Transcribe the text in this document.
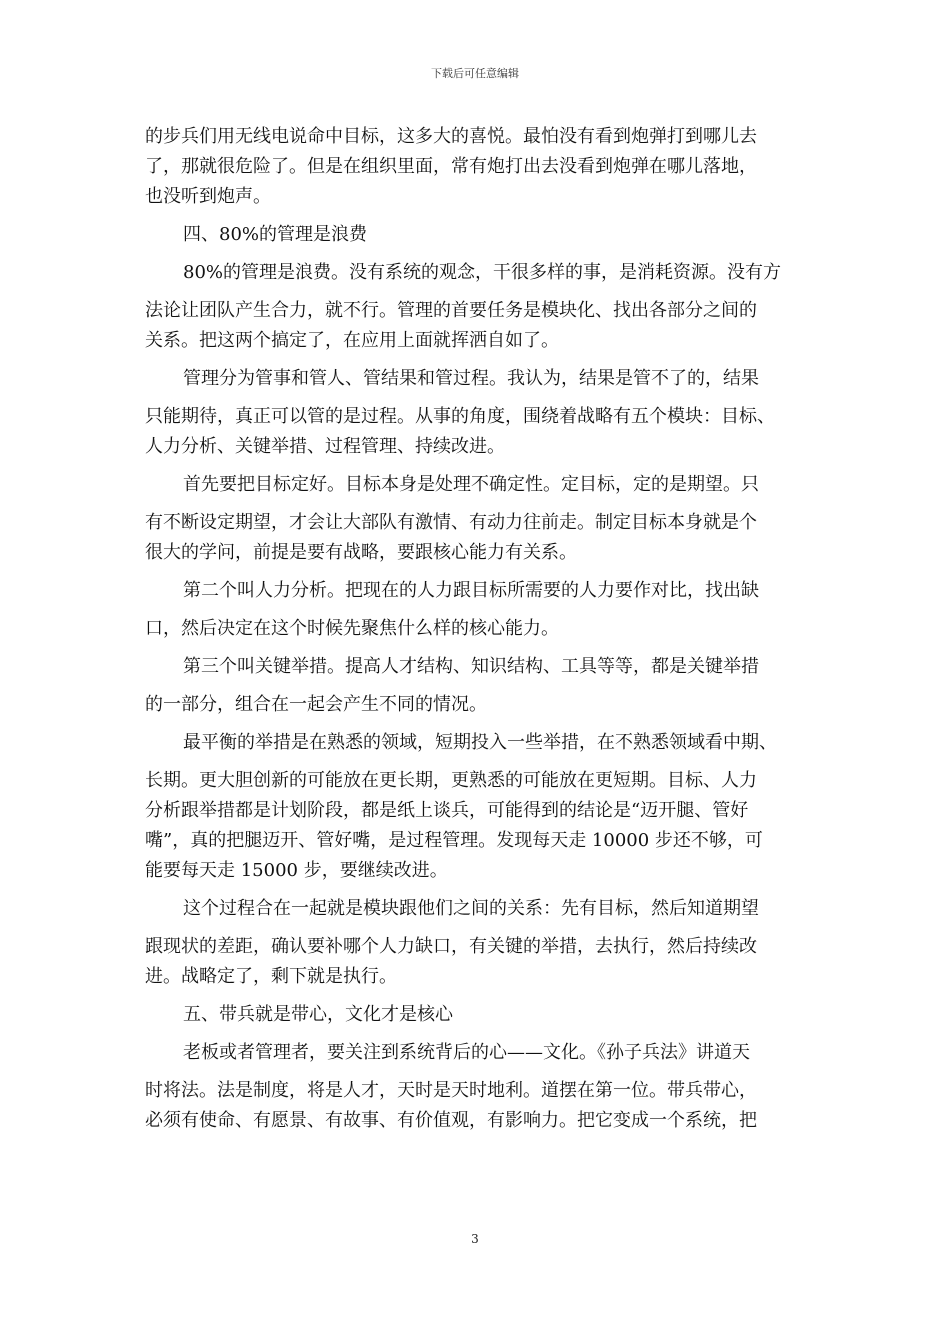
下载后可任意编辑

的步兵们用无线电说命中目标，这多大的喜悦。最怕没有看到炮弹打到哪儿去
了，那就很危险了。但是在组织里面，常有炮打出去没看到炮弹在哪儿落地，
也没听到炮声。

四、80%的管理是浪费

80%的管理是浪费。没有系统的观念，干很多样的事，是消耗资源。没有方

法论让团队产生合力，就不行。管理的首要任务是模块化、找出各部分之间的
关系。把这两个搞定了，在应用上面就挥洒自如了。

管理分为管事和管人、管结果和管过程。我认为，结果是管不了的，结果

只能期待，真正可以管的是过程。从事的角度，围绕着战略有五个模块：目标、
人力分析、关键举措、过程管理、持续改进。

首先要把目标定好。目标本身是处理不确定性。定目标，定的是期望。只

有不断设定期望，才会让大部队有激情、有动力往前走。制定目标本身就是个
很大的学问，前提是要有战略，要跟核心能力有关系。

第二个叫人力分析。把现在的人力跟目标所需要的人力要作对比，找出缺

口，然后决定在这个时候先聚焦什么样的核心能力。

第三个叫关键举措。提高人才结构、知识结构、工具等等，都是关键举措

的一部分，组合在一起会产生不同的情况。

最平衡的举措是在熟悉的领域，短期投入一些举措，在不熟悉领域看中期、

长期。更大胆创新的可能放在更长期，更熟悉的可能放在更短期。目标、人力
分析跟举措都是计划阶段，都是纸上谈兵，可能得到的结论是“迈开腿、管好
嘴”，真的把腿迈开、管好嘴，是过程管理。发现每天走 10000 步还不够，可
能要每天走 15000 步，要继续改进。

这个过程合在一起就是模块跟他们之间的关系：先有目标，然后知道期望

跟现状的差距，确认要补哪个人力缺口，有关键的举措，去执行，然后持续改
进。战略定了，剩下就是执行。

五、带兵就是带心，文化才是核心

老板或者管理者，要关注到系统背后的心——文化。《孙子兵法》讲道天

时将法。法是制度，将是人才，天时是天时地利。道摆在第一位。带兵带心，
必须有使命、有愿景、有故事、有价值观，有影响力。把它变成一个系统，把

3
